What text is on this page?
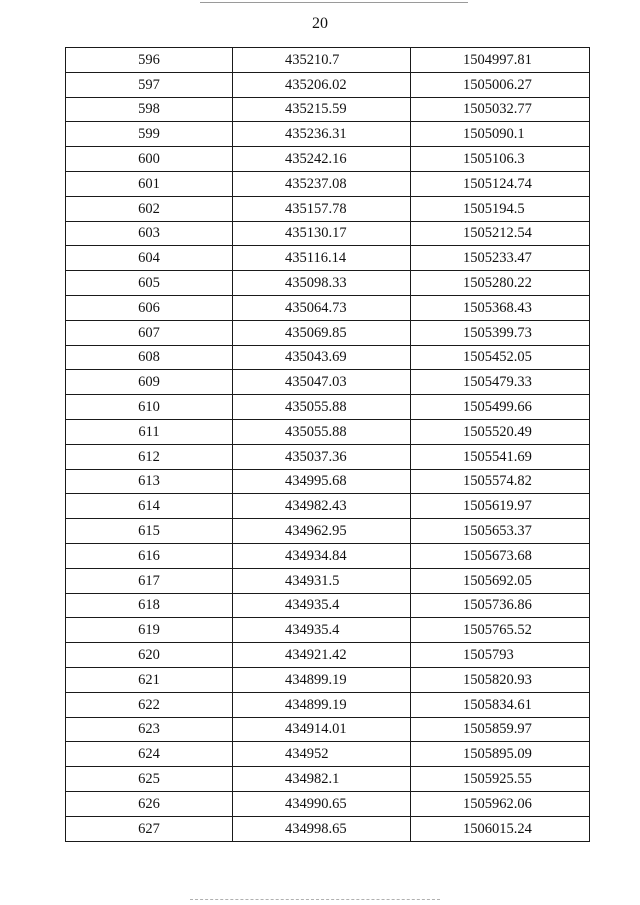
20
596	435210.7	1504997.81
597	435206.02	1505006.27
598	435215.59	1505032.77
599	435236.31	1505090.1
600	435242.16	1505106.3
601	435237.08	1505124.74
602	435157.78	1505194.5
603	435130.17	1505212.54
604	435116.14	1505233.47
605	435098.33	1505280.22
606	435064.73	1505368.43
607	435069.85	1505399.73
608	435043.69	1505452.05
609	435047.03	1505479.33
610	435055.88	1505499.66
611	435055.88	1505520.49
612	435037.36	1505541.69
613	434995.68	1505574.82
614	434982.43	1505619.97
615	434962.95	1505653.37
616	434934.84	1505673.68
617	434931.5	1505692.05
618	434935.4	1505736.86
619	434935.4	1505765.52
620	434921.42	1505793
621	434899.19	1505820.93
622	434899.19	1505834.61
623	434914.01	1505859.97
624	434952	1505895.09
625	434982.1	1505925.55
626	434990.65	1505962.06
627	434998.65	1506015.24
